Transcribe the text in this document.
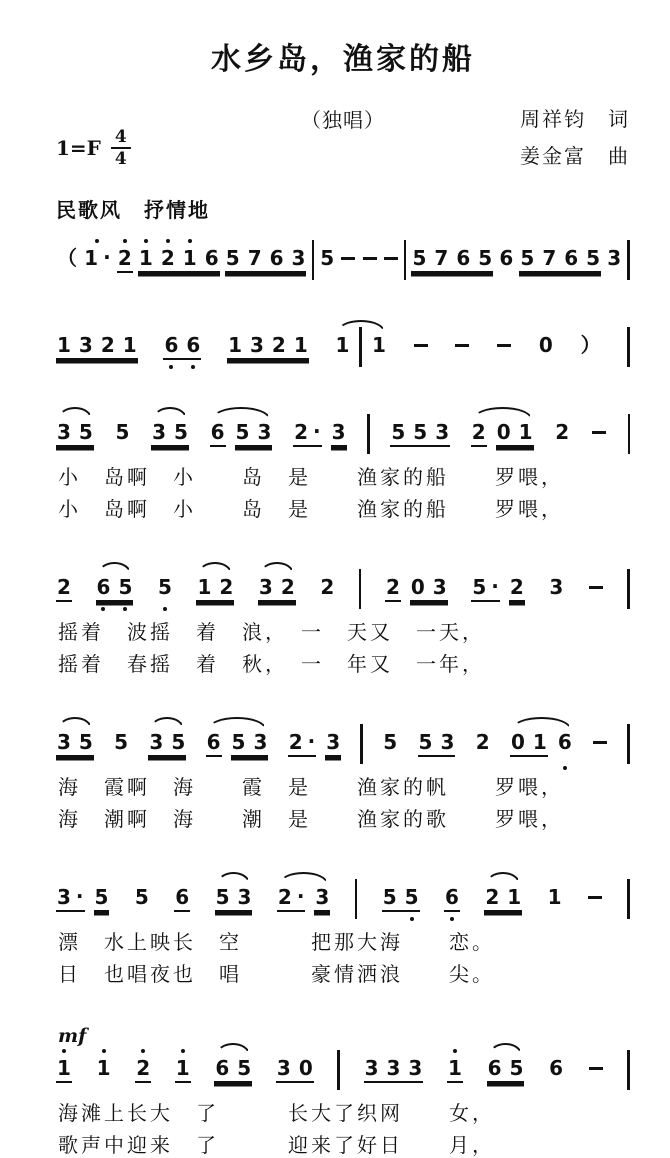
水乡岛，渔家的船
$1=F \frac{4}{4}$
（独唱）	周祥钧　词
姜金富　曲
民歌风　抒情地
（ 1 · 2 1 2 1 6 5 7 6 3 5	5 7 6 5 6 5 7 6 5 3
1 3 2 1 6 6 1 3 2 1 1 1	0 ）
3 5 5 3 5 6 5 3 2 · 3 5 5 3 2 0 1 2
小　岛啊　小　　岛　是　　渔家的船　　罗喂，
小　岛啊　小　　岛　是　　渔家的船　　罗喂，
2 6 5 5 1 2 3 2 2	2 0 3 5 · 2 3
摇着　波摇　着　浪，　一　天又　一天，
摇着　春摇　着　秋，　一　年又　一年，
3 5 5 3 5 6 5 3 2 · 3 5 5 3 2 0 1 6
海　霞啊　海　　霞　是　　渔家的帆　　罗喂，
海　潮啊　海　　潮　是　　渔家的歌　　罗喂，
3 · 5 5 6 5 3 2 · 3	5 5 6 2 1 1
漂　水上映长　空　　　把那大海　　恋。
日　也唱夜也　唱　　　豪情洒浪　　尖。
mf
1 1 2 1 6 5 3 0	3 3 3 1 6 5 6
海滩上长大　了　　　长大了织网　　女，
歌声中迎来　了　　　迎来了好日　　月，
